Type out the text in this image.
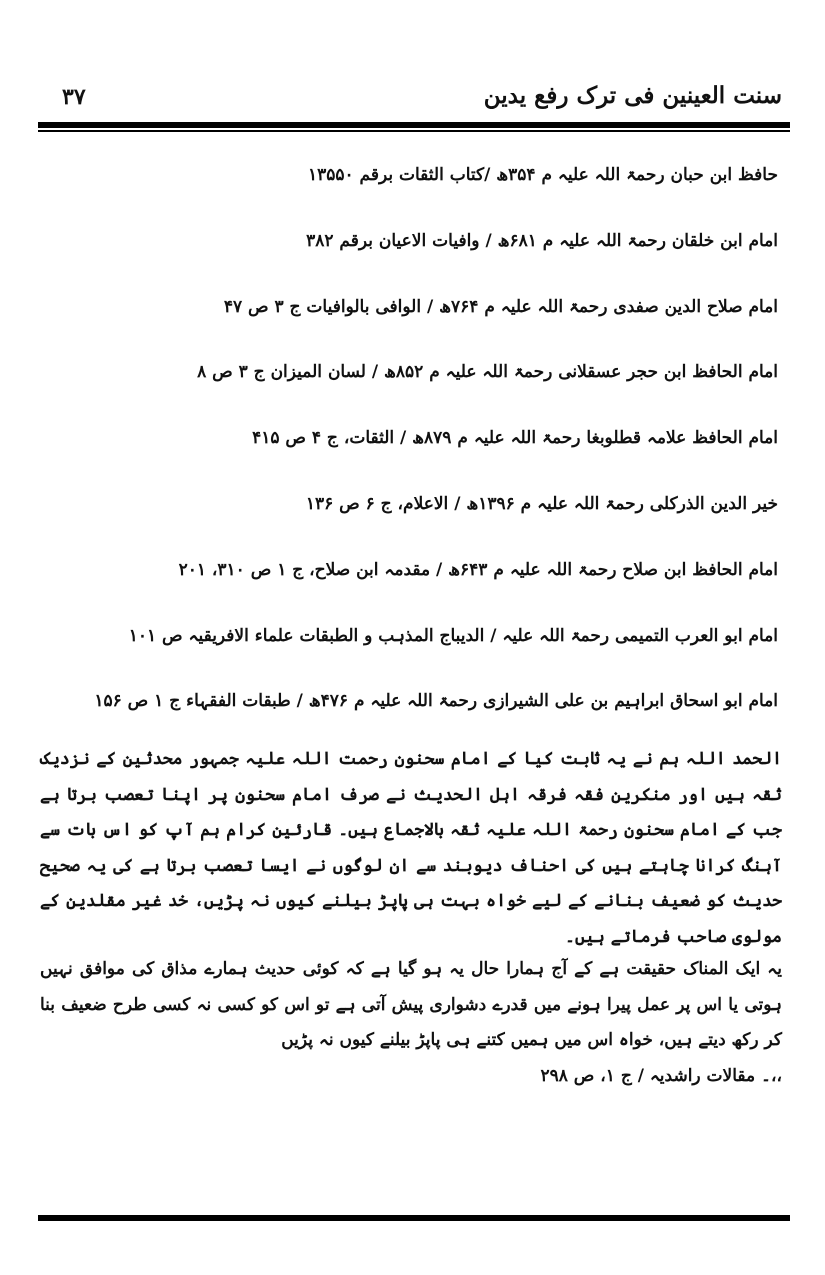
سنت العینین فی ترک رفع یدین
۳۷
حافظ ابن حبان رحمۃ اللہ علیہ م ۳۵۴ھ /کتاب الثقات برقم ۱۳۵۵۰
امام ابن خلقان رحمۃ اللہ علیہ م ۶۸۱ھ / وافیات الاعیان برقم ۳۸۲
امام صلاح الدین صفدی رحمۃ اللہ علیہ م ۷۶۴ھ / الوافی بالوافیات ج ۳ ص ۴۷
امام الحافظ ابن حجر عسقلانی رحمۃ اللہ علیہ م ۸۵۲ھ / لسان المیزان ج ۳ ص ۸
امام الحافظ علامہ قطلوبغا رحمۃ اللہ علیہ م ۸۷۹ھ / الثقات، ج ۴ ص ۴۱۵
خیر الدین الذرکلی رحمۃ اللہ علیہ م ۱۳۹۶ھ / الاعلام، ج ۶ ص ۱۳۶
امام الحافظ ابن صلاح رحمۃ اللہ علیہ م ۶۴۳ھ / مقدمہ ابن صلاح، ج ۱ ص ۳۱۰، ۲۰۱
امام ابو العرب التمیمی رحمۃ اللہ علیہ / الدیباج المذہب و الطبقات علماء الافریقیہ ص ۱۰۱
امام ابو اسحاق ابراہیم بن علی الشیرازی رحمۃ اللہ علیہ م ۴۷۶ھ / طبقات الفقہاء ج ۱ ص ۱۵۶

الحمد اللہ ہم نے یہ ثابت کیا کے امام سحنون رحمت اللہ علیہ جمہور محدثین کے نزدیک ثقہ ہیں اور منکرین فقہ فرقہ اہل الحدیث نے صرف امام سحنون پر اپنا تعصب برتا ہے جب کے امام سحنون رحمۃ اللہ علیہ ثقہ بالاجماع ہیں۔ قارئین کرام ہم آپ کو اس بات سے آہنگ کرانا چاہتے ہیں کی احناف دیوبند سے ان لوگوں نے ایسا تعصب برتا ہے کی یہ صحیح حدیث کو ضعیف بنانے کے لیے خواہ بہت ہی پاپڑ بیلنے کیوں نہ پڑیں، خد غیر مقلدین کے مولوی صاحب فرماتے ہیں۔

یہ ایک المناک حقیقت ہے کے آج ہمارا حال یہ ہو گیا ہے کہ کوئی حدیث ہمارے مذاق کی موافق نہیں ہوتی یا اس پر عمل پیرا ہونے میں قدرے دشواری پیش آتی ہے تو اس کو کسی نہ کسی طرح ضعیف بنا کر رکھ دیتے ہیں، خواہ اس میں ہمیں کتنے ہی پاپڑ بیلنے کیوں نہ پڑیں
،،۔ مقالات راشدیہ / ج ۱، ص ۲۹۸
